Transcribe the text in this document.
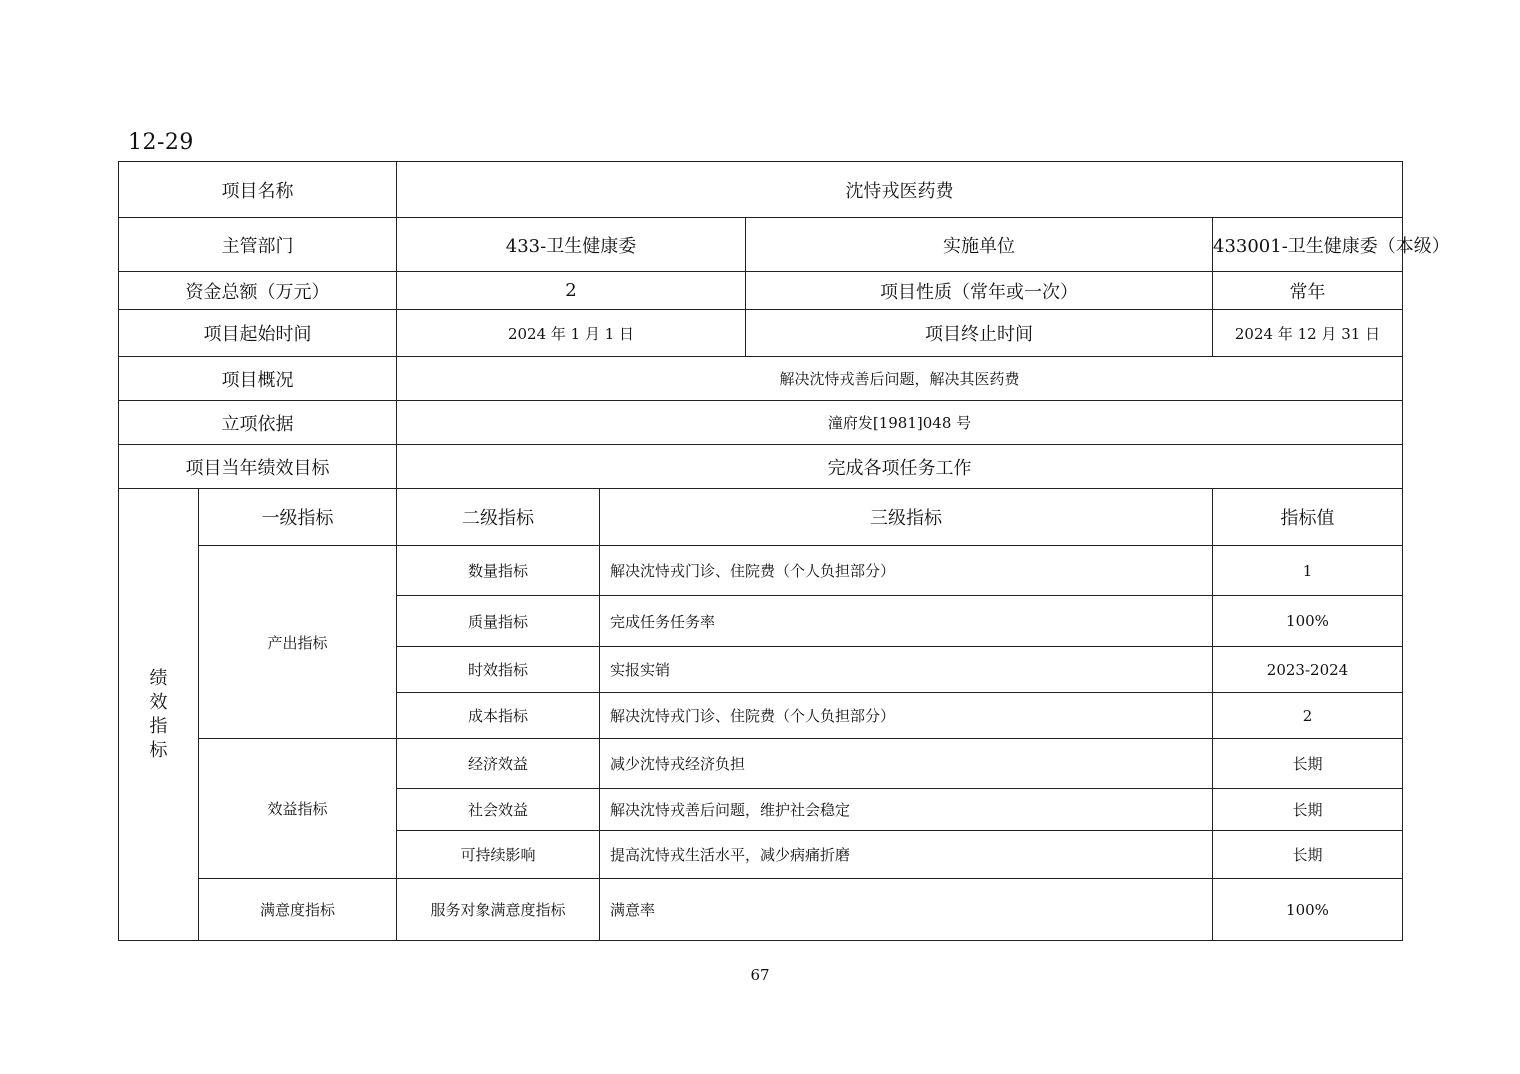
12-29
项目名称		沈恃戎医药费			
主管部门		433-卫生健康委		实施单位	433001-卫生健康委（本级）
资金总额（万元）		2		项目性质（常年或一次）	常年
项目起始时间		2024 年 1 月 1 日		项目终止时间	2024 年 12 月 31 日
项目概况		解决沈恃戎善后问题，解决其医药费			
立项依据		潼府发[1981]048 号			
项目当年绩效目标		完成各项任务工作			
绩效指标	一级指标	二级指标	三级指标		指标值
	产出指标	数量指标	解决沈恃戎门诊、住院费（个人负担部分）		1
		质量指标	完成任务任务率		100%
		时效指标	实报实销		2023-2024
		成本指标	解决沈恃戎门诊、住院费（个人负担部分）		2
	效益指标	经济效益	减少沈恃戎经济负担		长期
		社会效益	解决沈恃戎善后问题，维护社会稳定		长期
		可持续影响	提高沈恃戎生活水平，减少病痛折磨		长期
	满意度指标	服务对象满意度指标	满意率		100%
67
